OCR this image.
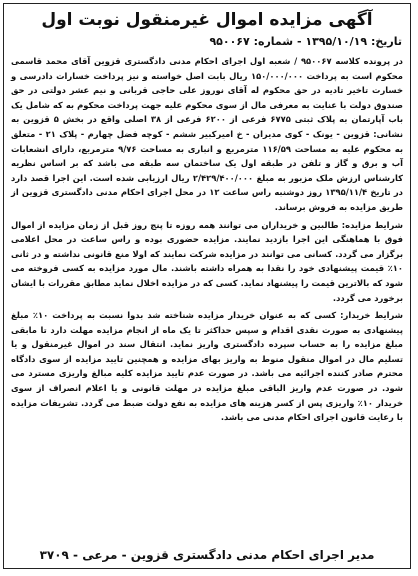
آگهی مزایده اموال غیرمنقول نوبت اول
تاریخ: ۱۳۹۵/۱۰/۱۹ - شماره: ۹۵۰۰۶۷

در پرونده کلاسه ۹۵۰۰۶۷ / شعبه اول اجرای احکام مدنی دادگستری قزوین آقای محمد قاسمی محکوم است به پرداخت ۱۵۰/۰۰۰/۰۰۰ ریال بابت اصل خواسته و نیز پرداخت خسارات دادرسی و خسارت تاخیر تادیه در حق محکوم له آقای نوروز علی حاجی قربانی و نیم عشر دولتی در حق صندوق دولت با عنایت به معرفی مال از سوی محکوم علیه جهت پرداخت محکوم به که شامل یک باب آپارتمان به پلاک ثبتی ۶۷۷۵ فرعی از ۶۲۰۰ فرعی از ۳۸ اصلی واقع در بخش ۵ قزوین به نشانی: قزوین - یونک - کوی مدیران - خ امیرکبیر ششم - کوچه فضل چهارم - پلاک ۲۱ - متعلق به محکوم علیه به مساحت ۱۱۶/۵۹ مترمربع و انباری به مساحت ۹/۷۶ مترمربع، دارای انشعابات آب و برق و گاز و تلفن در طبقه اول یک ساختمان سه طبقه می باشد که بر اساس نظریه کارشناس ارزش ملک مزبور به مبلغ ۲/۴۲۹/۴۰۰/۰۰۰ ریال ارزیابی شده است. این اجرا قصد دارد در تاریخ ۱۳۹۵/۱۱/۴ روز دوشنبه راس ساعت ۱۲ در محل اجرای احکام مدنی دادگستری قزوین از طریق مزایده به فروش برساند.

شرایط مزایده: طالبین و خریداران می توانند همه روزه تا پنج روز قبل از زمان مزایده از اموال فوق با هماهنگی این اجرا بازدید نمایند. مزایده حضوری بوده و راس ساعت در محل اعلامی برگزار می گردد. کسانی می توانند در مزایده شرکت نمایند که اولا منع قانونی نداشته و در ثانی ۱۰٪ قیمت پیشنهادی خود را نقدا به همراه داشته باشند. مال مورد مزایده به کسی فروخته می شود که بالاترین قیمت را پیشنهاد نماید. کسی که در مزایده اخلال نماید مطابق مقررات با ایشان برخورد می گردد.

شرایط خریدار: کسی که به عنوان خریدار مزایده شناخته شد بدوا نسبت به پرداخت ۱۰٪ مبلغ پیشنهادی به صورت نقدی اقدام و سپس حداکثر تا یک ماه از انجام مزایده مهلت دارد تا مابقی مبلغ مزایده را به حساب سپرده دادگستری واریز نماید. انتقال سند در اموال غیرمنقول و یا تسلیم مال در اموال منقول منوط به واریز بهای مزایده و همچنین تایید مزایده از سوی دادگاه محترم صادر کننده اجرائیه می باشد. در صورت عدم تایید مزایده کلیه مبالغ واریزی مسترد می شود. در صورت عدم واریز الباقی مبلغ مزایده در مهلت قانونی و یا اعلام انصراف از سوی خریدار ۱۰٪ واریزی پس از کسر هزینه های مزایده به نفع دولت ضبط می گردد. تشریفات مزایده با رعایت قانون اجرای احکام مدنی می باشد.

مدیر اجرای احکام مدنی دادگستری قزوین - مرعی - ۳۷۰۹
